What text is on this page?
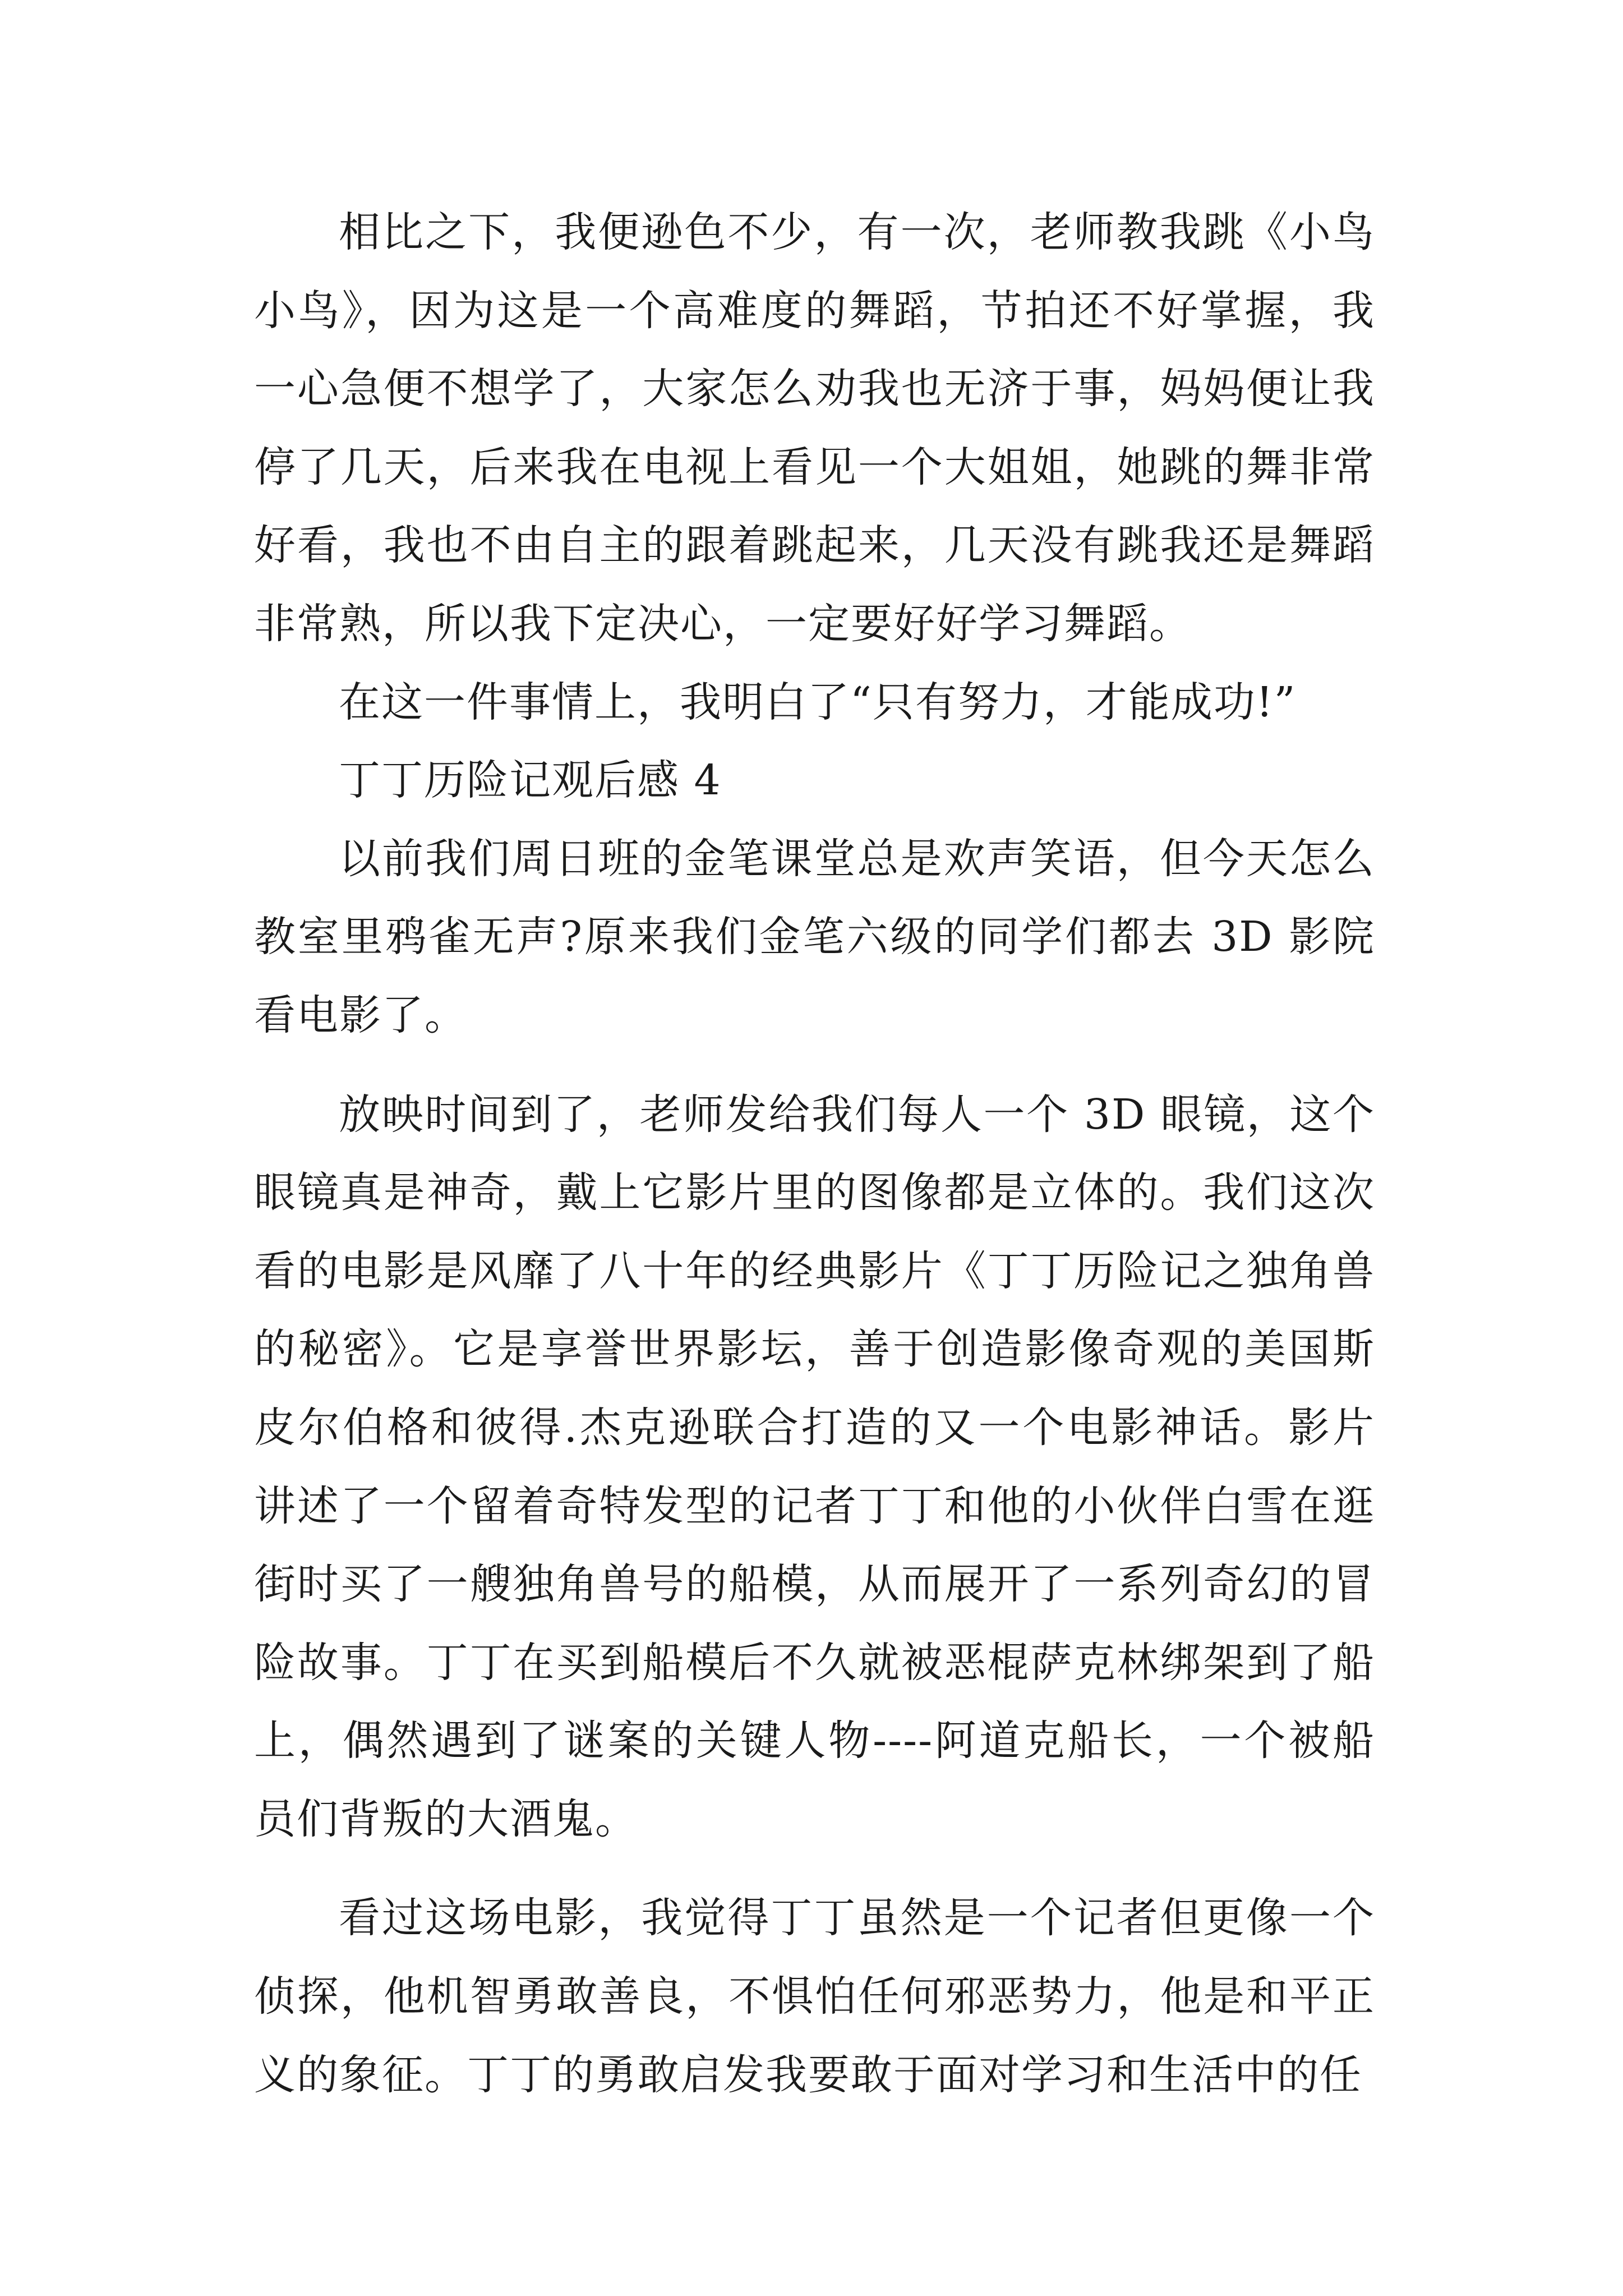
相比之下，我便逊色不少，有一次，老师教我跳《小鸟小鸟》，因为这是一个高难度的舞蹈，节拍还不好掌握，我一心急便不想学了，大家怎么劝我也无济于事，妈妈便让我停了几天，后来我在电视上看见一个大姐姐，她跳的舞非常好看，我也不由自主的跟着跳起来，几天没有跳我还是舞蹈非常熟，所以我下定决心，一定要好好学习舞蹈。

在这一件事情上，我明白了“只有努力，才能成功!”

丁丁历险记观后感 4

以前我们周日班的金笔课堂总是欢声笑语，但今天怎么教室里鸦雀无声?原来我们金笔六级的同学们都去 3D 影院看电影了。

放映时间到了，老师发给我们每人一个 3D 眼镜，这个眼镜真是神奇，戴上它影片里的图像都是立体的。我们这次看的电影是风靡了八十年的经典影片《丁丁历险记之独角兽的秘密》。它是享誉世界影坛，善于创造影像奇观的美国斯皮尔伯格和彼得.杰克逊联合打造的又一个电影神话。影片讲述了一个留着奇特发型的记者丁丁和他的小伙伴白雪在逛街时买了一艘独角兽号的船模，从而展开了一系列奇幻的冒险故事。丁丁在买到船模后不久就被恶棍萨克林绑架到了船上，偶然遇到了谜案的关键人物----阿道克船长，一个被船员们背叛的大酒鬼。

看过这场电影，我觉得丁丁虽然是一个记者但更像一个侦探，他机智勇敢善良，不惧怕任何邪恶势力，他是和平正义的象征。丁丁的勇敢启发我要敢于面对学习和生活中的任
